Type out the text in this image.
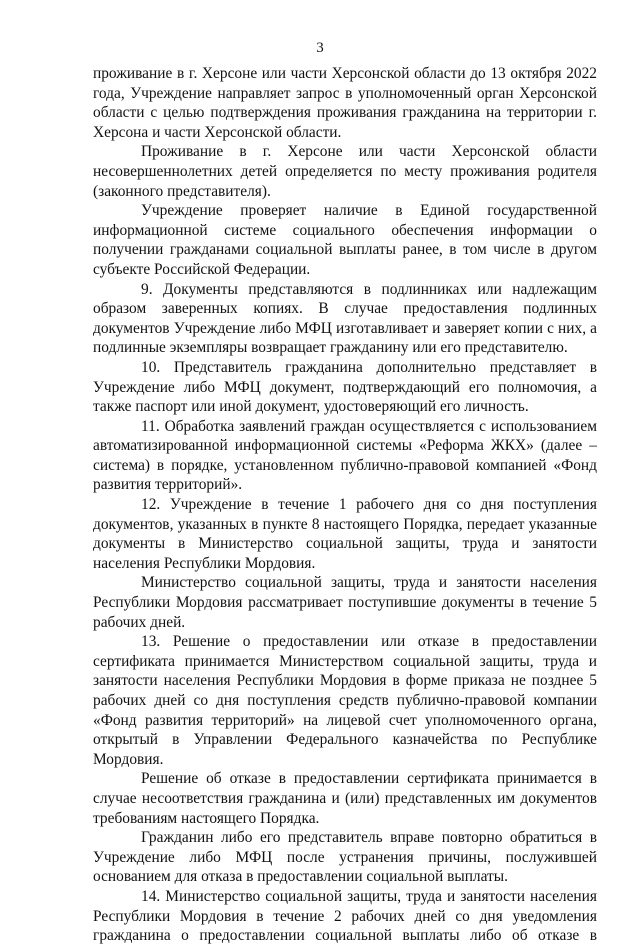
3

проживание в г. Херсоне или части Херсонской области до 13 октября 2022 года, Учреждение направляет запрос в уполномоченный орган Херсонской области с целью подтверждения проживания гражданина на территории г. Херсона и части Херсонской области.

Проживание в г. Херсоне или части Херсонской области несовершеннолетних детей определяется по месту проживания родителя (законного представителя).

Учреждение проверяет наличие в Единой государственной информационной системе социального обеспечения информации о получении гражданами социальной выплаты ранее, в том числе в другом субъекте Российской Федерации.

9. Документы представляются в подлинниках или надлежащим образом заверенных копиях. В случае предоставления подлинных документов Учреждение либо МФЦ изготавливает и заверяет копии с них, а подлинные экземпляры возвращает гражданину или его представителю.

10. Представитель гражданина дополнительно представляет в Учреждение либо МФЦ документ, подтверждающий его полномочия, а также паспорт или иной документ, удостоверяющий его личность.

11. Обработка заявлений граждан осуществляется с использованием автоматизированной информационной системы «Реформа ЖКХ» (далее – система) в порядке, установленном публично-правовой компанией «Фонд развития территорий».

12. Учреждение в течение 1 рабочего дня со дня поступления документов, указанных в пункте 8 настоящего Порядка, передает указанные документы в Министерство социальной защиты, труда и занятости населения Республики Мордовия.

Министерство социальной защиты, труда и занятости населения Республики Мордовия рассматривает поступившие документы в течение 5 рабочих дней.

13. Решение о предоставлении или отказе в предоставлении сертификата принимается Министерством социальной защиты, труда и занятости населения Республики Мордовия в форме приказа не позднее 5 рабочих дней со дня поступления средств публично-правовой компании «Фонд развития территорий» на лицевой счет уполномоченного органа, открытый в Управлении Федерального казначейства по Республике Мордовия.

Решение об отказе в предоставлении сертификата принимается в случае несоответствия гражданина и (или) представленных им документов требованиям настоящего Порядка.

Гражданин либо его представитель вправе повторно обратиться в Учреждение либо МФЦ после устранения причины, послужившей основанием для отказа в предоставлении социальной выплаты.

14. Министерство социальной защиты, труда и занятости населения Республики Мордовия в течение 2 рабочих дней со дня уведомления гражданина о предоставлении социальной выплаты либо об отказе в
